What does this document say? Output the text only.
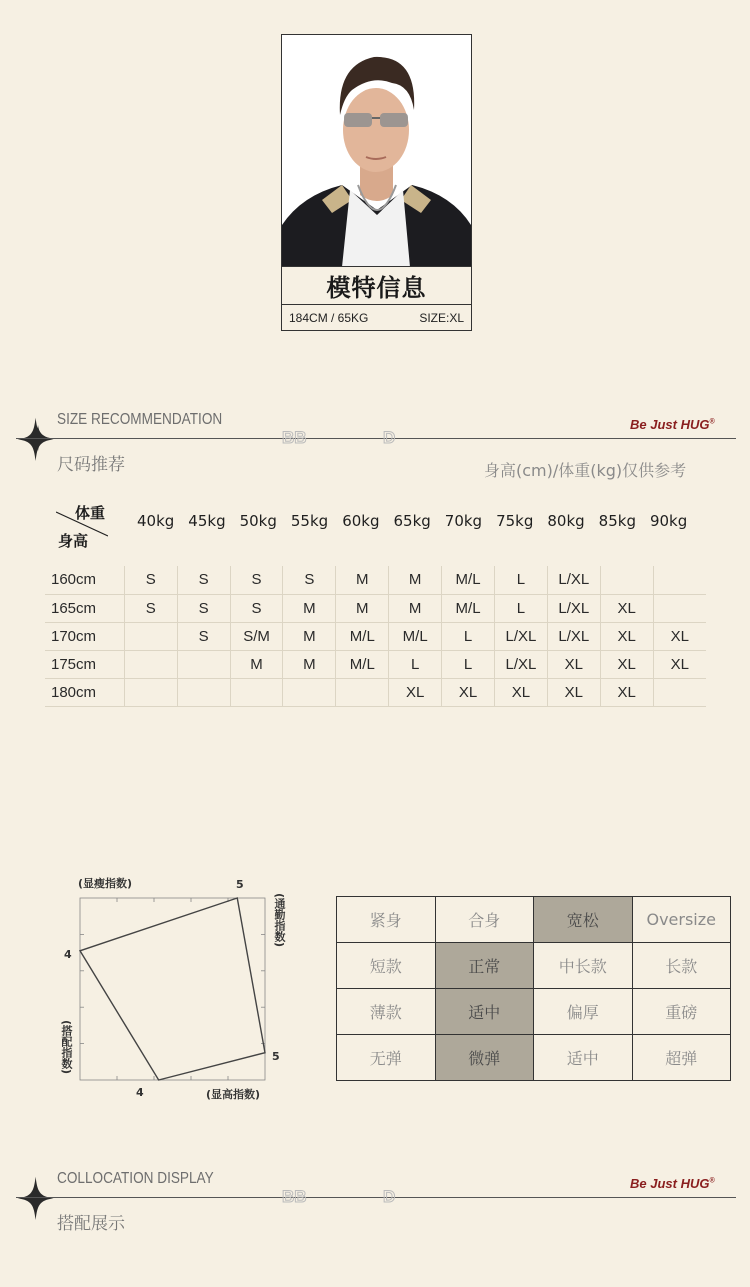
模特信息
184CM / 65KG	SIZE:XL
SIZE RECOMMENDATION
BB	D
Be Just HUG®
尺码推荐	身高(cm)/体重(kg)仅供参考
体重
身高
40kg 45kg 50kg 55kg 60kg 65kg 70kg 75kg 80kg 85kg 90kg
160cm	S	S	S	S	M	M	M/L	L	L/XL		
165cm	S	S	S	M	M	M	M/L	L	L/XL	XL	
170cm		S	S/M	M	M/L	M/L	L	L/XL	L/XL	XL	XL
175cm			M	M	M/L	L	L	L/XL	XL	XL	XL
180cm						XL	XL	XL	XL	XL	
(显瘦指数)
(显高指数)
(通勤指数)
(搭配指数)
5
5
4
4
紧身	合身	宽松	Oversize
短款	正常	中长款	长款
薄款	适中	偏厚	重磅
无弹	微弹	适中	超弹
COLLOCATION DISPLAY
BB	D
Be Just HUG®
搭配展示
